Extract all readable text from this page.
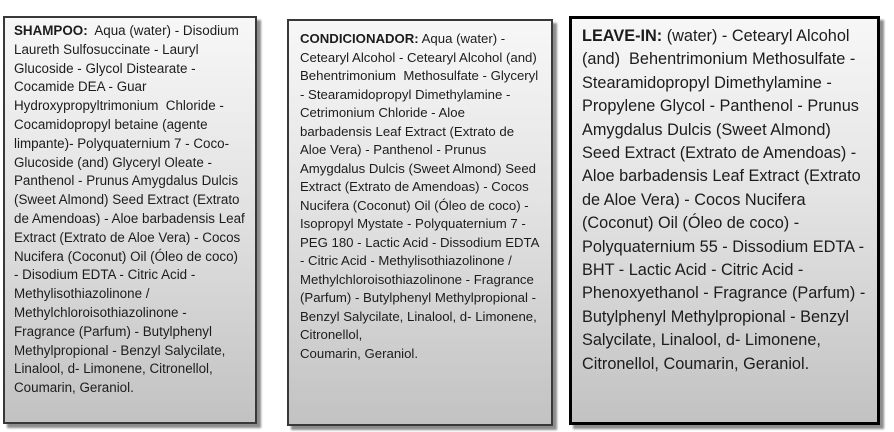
SHAMPOO:  Aqua (water) - Disodium Laureth Sulfosuccinate - Lauryl Glucoside - Glycol Distearate - Cocamide DEA - Guar Hydroxypropyltrimonium  Chloride - Cocamidopropyl betaine (agente limpante)- Polyquaternium 7 - Coco-Glucoside (and) Glyceryl Oleate - Panthenol - Prunus Amygdalus Dulcis (Sweet Almond) Seed Extract (Extrato de Amendoas) - Aloe barbadensis Leaf Extract (Extrato de Aloe Vera) - Cocos Nucifera (Coconut) Oil (Óleo de coco) - Disodium EDTA - Citric Acid - Methylisothiazolinone / Methylchloroisothiazolinone - Fragrance (Parfum) - Butylphenyl Methylpropional - Benzyl Salycilate, Linalool, d- Limonene, Citronellol, Coumarin, Geraniol.

CONDICIONADOR: Aqua (water) - Cetearyl Alcohol - Cetearyl Alcohol (and)  Behentrimonium  Methosulfate - Glyceryl - Stearamidopropyl Dimethylamine - Cetrimonium Chloride - Aloe barbadensis Leaf Extract (Extrato de Aloe Vera) - Panthenol - Prunus Amygdalus Dulcis (Sweet Almond) Seed Extract (Extrato de Amendoas) - Cocos Nucifera (Coconut) Oil (Óleo de coco) - Isopropyl Mystate - Polyquaternium 7 - PEG 180 - Lactic Acid - Dissodium EDTA - Citric Acid - Methylisothiazolinone / Methylchloroisothiazolinone - Fragrance (Parfum) - Butylphenyl Methylpropional - Benzyl Salycilate, Linalool, d- Limonene, Citronellol,

Coumarin, Geraniol.

LEAVE-IN: (water) - Cetearyl Alcohol (and)  Behentrimonium Methosulfate - Stearamidopropyl Dimethylamine - Propylene Glycol - Panthenol - Prunus Amygdalus Dulcis (Sweet Almond) Seed Extract (Extrato de Amendoas) - Aloe barbadensis Leaf Extract (Extrato de Aloe Vera) - Cocos Nucifera (Coconut) Oil (Óleo de coco) - Polyquaternium 55 - Dissodium EDTA - BHT - Lactic Acid - Citric Acid - Phenoxyethanol - Fragrance (Parfum) - Butylphenyl Methylpropional - Benzyl Salycilate, Linalool, d- Limonene, Citronellol, Coumarin, Geraniol.
